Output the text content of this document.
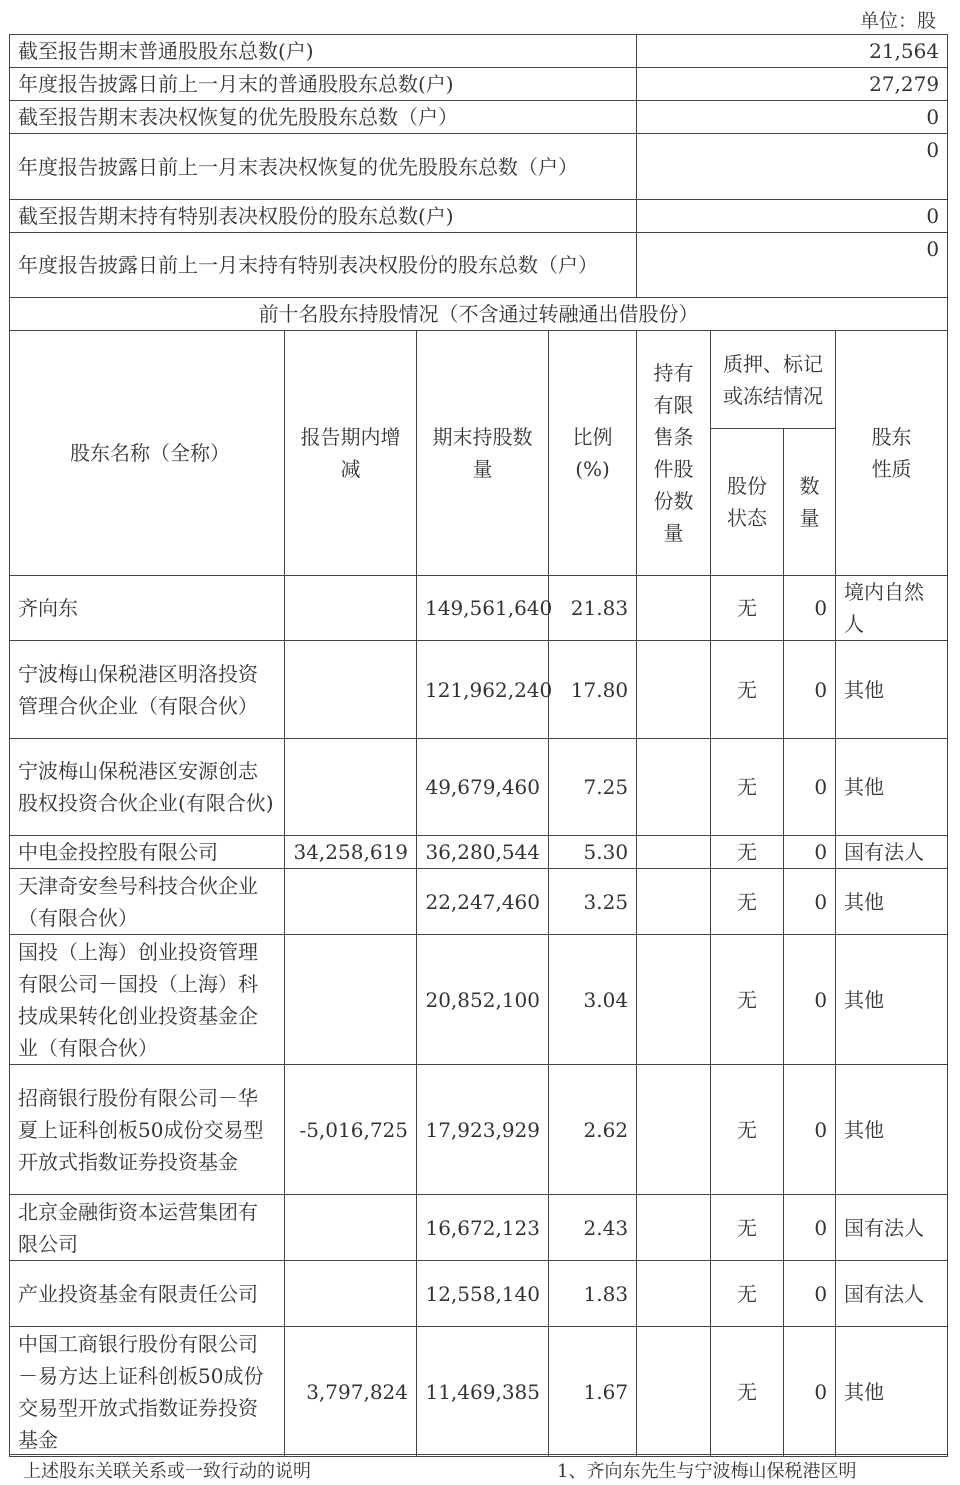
单位：股
截至报告期末普通股股东总数(户)				21,564			
年度报告披露日前上一月末的普通股股东总数(户)				27,279			
截至报告期末表决权恢复的优先股股东总数（户）				0			
年度报告披露日前上一月末表决权恢复的优先股股东总数（户）				0			
截至报告期末持有特别表决权股份的股东总数(户)				0			
年度报告披露日前上一月末持有特别表决权股份的股东总数（户）				0			
前十名股东持股情况（不含通过转融通出借股份）							
股东名称（全称）	报告期内增减	期末持股数量	比例(%)	持有有限售条件股份数量	质押、标记或冻结情况		股东性质
					股份状态	数量	
齐向东		149,561,640	21.83		无	0	境内自然人
宁波梅山保税港区明洛投资管理合伙企业（有限合伙）		121,962,240	17.80		无	0	其他
宁波梅山保税港区安源创志股权投资合伙企业(有限合伙)		49,679,460	7.25		无	0	其他
中电金投控股有限公司	34,258,619	36,280,544	5.30		无	0	国有法人
天津奇安叁号科技合伙企业（有限合伙）		22,247,460	3.25		无	0	其他
国投（上海）创业投资管理有限公司－国投（上海）科技成果转化创业投资基金企业（有限合伙）		20,852,100	3.04		无	0	其他
招商银行股份有限公司－华夏上证科创板50成份交易型开放式指数证券投资基金	-5,016,725	17,923,929	2.62		无	0	其他
北京金融街资本运营集团有限公司		16,672,123	2.43		无	0	国有法人
产业投资基金有限责任公司		12,558,140	1.83		无	0	国有法人
中国工商银行股份有限公司－易方达上证科创板50成份交易型开放式指数证券投资基金	3,797,824	11,469,385	1.67		无	0	其他
上述股东关联关系或一致行动的说明	1、齐向东先生与宁波梅山保税港区明
